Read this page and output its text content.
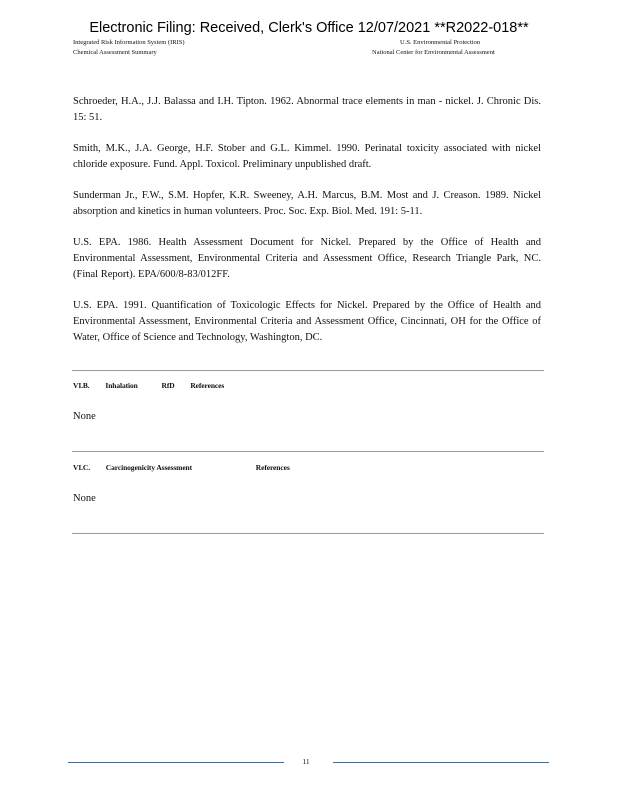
Electronic Filing: Received, Clerk's Office 12/07/2021 **R2022-018**
Integrated Risk Information System (IRIS)
Chemical Assessment Summary
U.S. Environmental Protection
National Center for Environmental Assessment

Schroeder, H.A., J.J. Balassa and I.H. Tipton. 1962. Abnormal trace elements in man - nickel. J. Chronic Dis. 15: 51.

Smith, M.K., J.A. George, H.F. Stober and G.L. Kimmel. 1990. Perinatal toxicity associated with nickel chloride exposure. Fund. Appl. Toxicol. Preliminary unpublished draft.

Sunderman Jr., F.W., S.M. Hopfer, K.R. Sweeney, A.H. Marcus, B.M. Most and J. Creason. 1989. Nickel absorption and kinetics in human volunteers. Proc. Soc. Exp. Biol. Med. 191: 5-11.

U.S. EPA. 1986. Health Assessment Document for Nickel. Prepared by the Office of Health and Environmental Assessment, Environmental Criteria and Assessment Office, Research Triangle Park, NC. (Final Report). EPA/600/8-83/012FF.

U.S. EPA. 1991. Quantification of Toxicologic Effects for Nickel. Prepared by the Office of Health and Environmental Assessment, Environmental Criteria and Assessment Office, Cincinnati, OH for the Office of Water, Office of Science and Technology, Washington, DC.

VI.B. Inhalation	RfD References
None
VI.C. Carcinogenicity Assessment	References
None
11
